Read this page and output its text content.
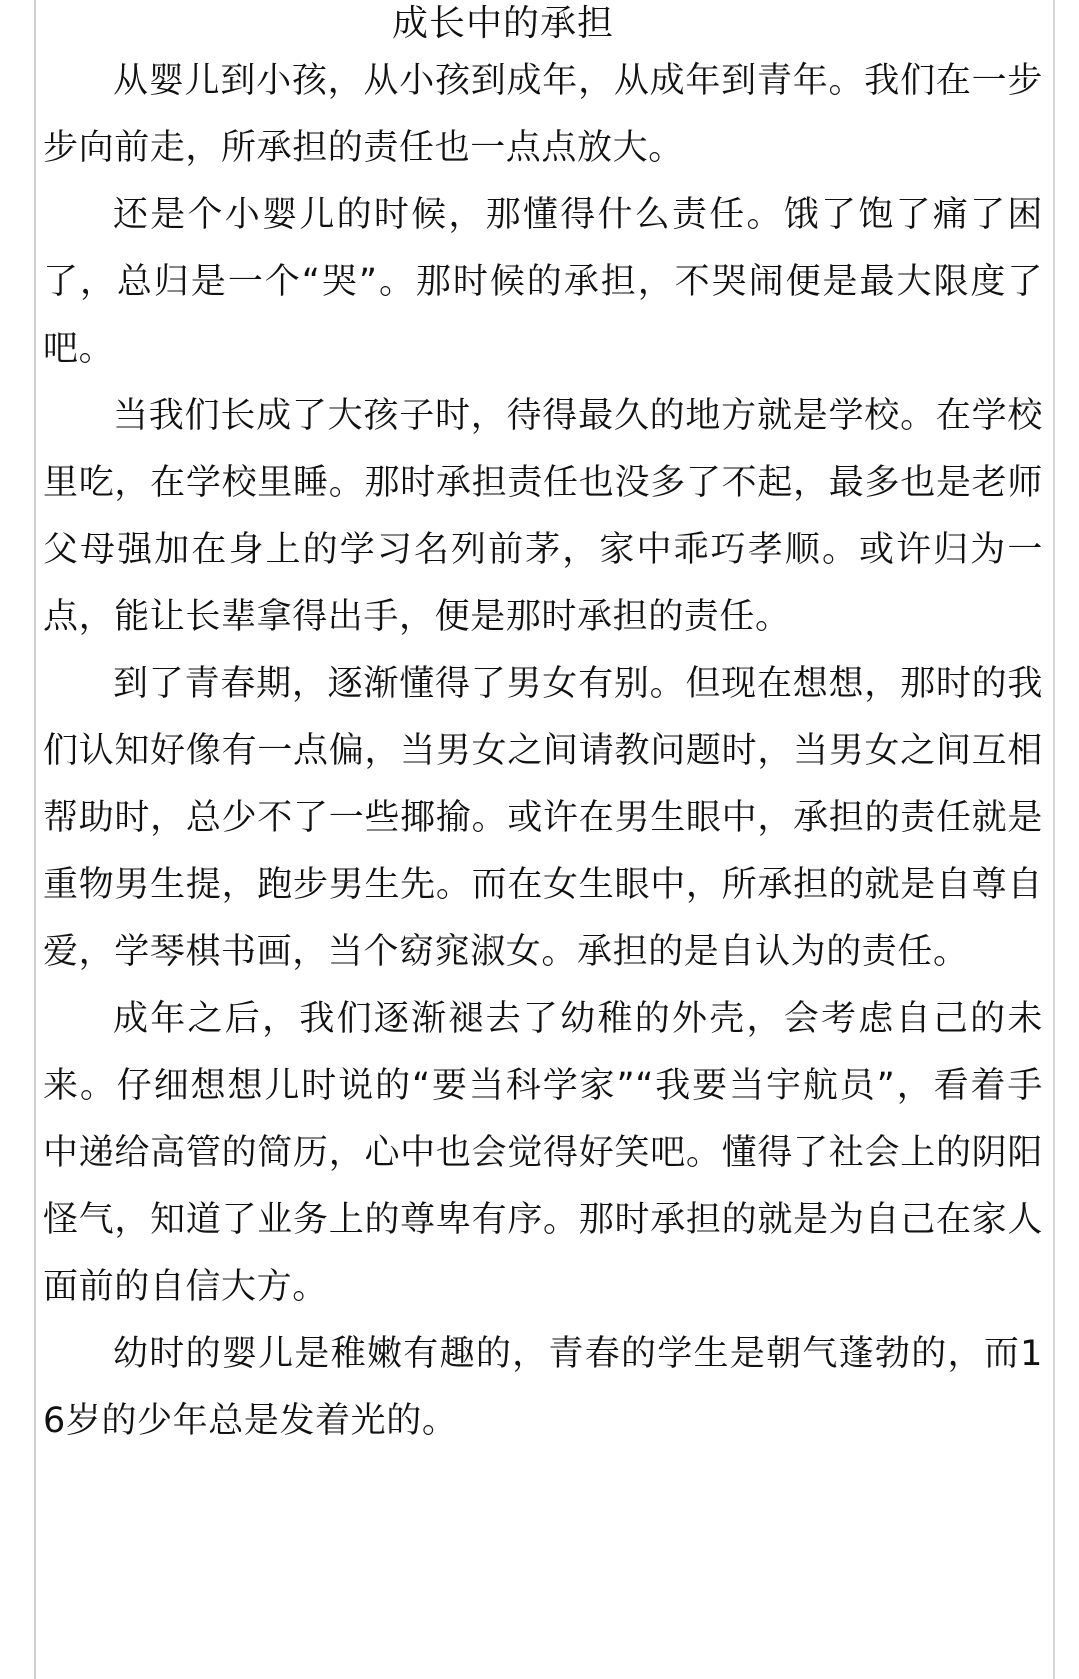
成长中的承担

从婴儿到小孩，从小孩到成年，从成年到青年。我们在一步步向前走，所承担的责任也一点点放大。

还是个小婴儿的时候，那懂得什么责任。饿了饱了痛了困了，总归是一个“哭”。那时候的承担，不哭闹便是最大限度了吧。

当我们长成了大孩子时，待得最久的地方就是学校。在学校里吃，在学校里睡。那时承担责任也没多了不起，最多也是老师父母强加在身上的学习名列前茅，家中乖巧孝顺。或许归为一点，能让长辈拿得出手，便是那时承担的责任。

到了青春期，逐渐懂得了男女有别。但现在想想，那时的我们认知好像有一点偏，当男女之间请教问题时，当男女之间互相帮助时，总少不了一些揶揄。或许在男生眼中，承担的责任就是重物男生提，跑步男生先。而在女生眼中，所承担的就是自尊自爱，学琴棋书画，当个窈窕淑女。承担的是自认为的责任。

成年之后，我们逐渐褪去了幼稚的外壳，会考虑自己的未来。仔细想想儿时说的“要当科学家”“我要当宇航员”，看着手中递给高管的简历，心中也会觉得好笑吧。懂得了社会上的阴阳怪气，知道了业务上的尊卑有序。那时承担的就是为自己在家人面前的自信大方。

幼时的婴儿是稚嫩有趣的，青春的学生是朝气蓬勃的，而16岁的少年总是发着光的。
